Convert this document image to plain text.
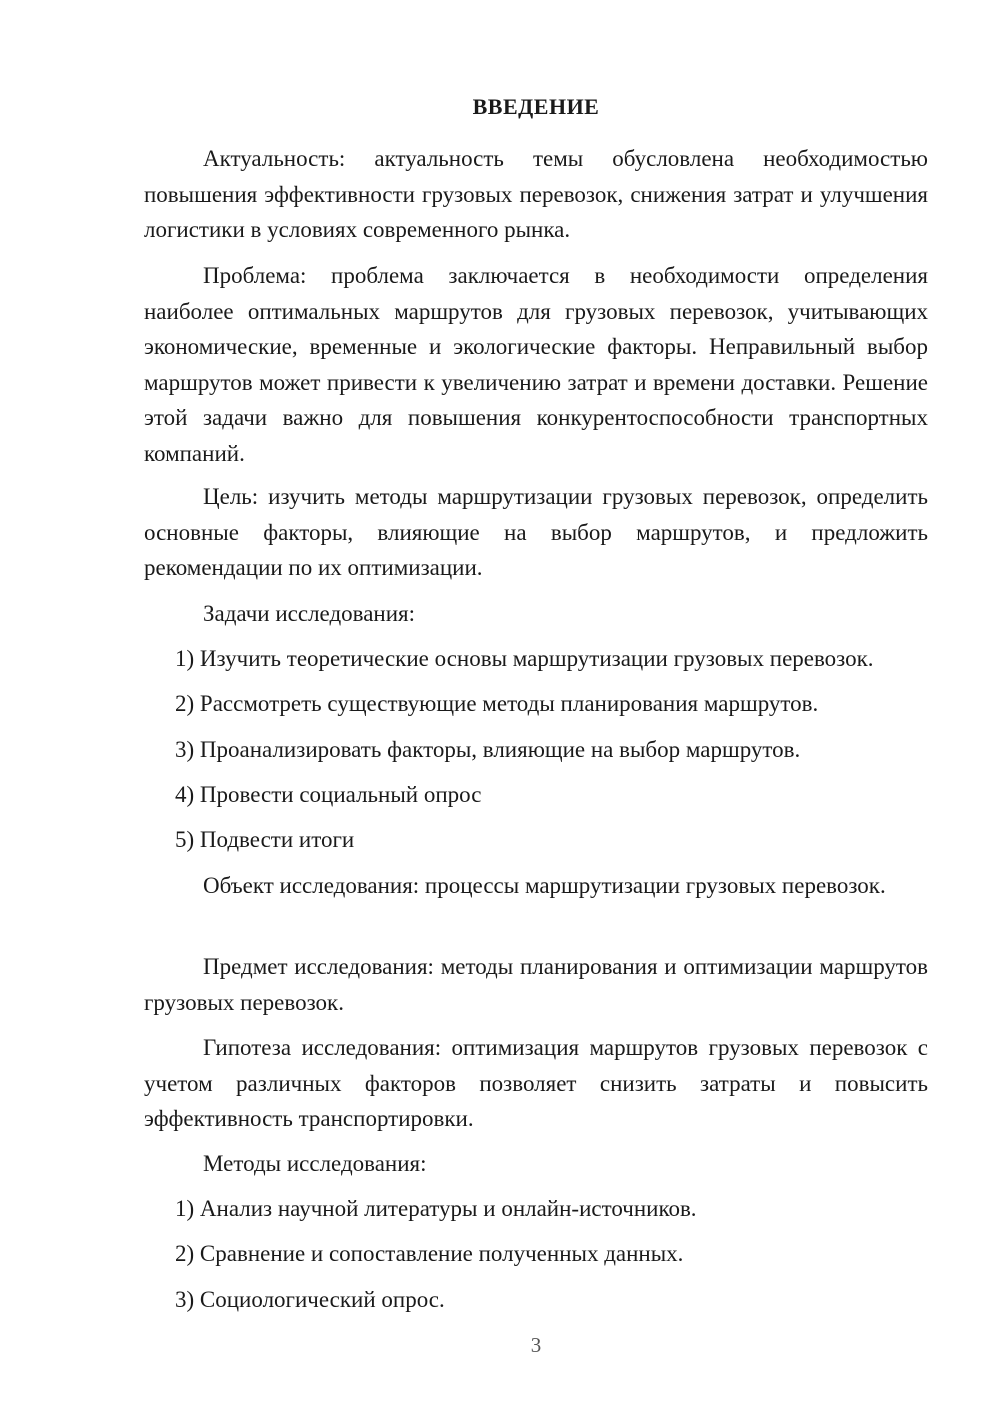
ВВЕДЕНИЕ

Актуальность: актуальность темы обусловлена необходимостью повышения эффективности грузовых перевозок, снижения затрат и улучшения логистики в условиях современного рынка.

Проблема: проблема заключается в необходимости определения наиболее оптимальных маршрутов для грузовых перевозок, учитывающих экономические, временные и экологические факторы. Неправильный выбор маршрутов может привести к увеличению затрат и времени доставки. Решение этой задачи важно для повышения конкурентоспособности транспортных компаний.

Цель: изучить методы маршрутизации грузовых перевозок, определить основные факторы, влияющие на выбор маршрутов, и предложить рекомендации по их оптимизации.

Задачи исследования:

1) Изучить теоретические основы маршрутизации грузовых перевозок.

2) Рассмотреть существующие методы планирования маршрутов.

3) Проанализировать факторы, влияющие на выбор маршрутов.

4) Провести социальный опрос

5) Подвести итоги

Объект исследования: процессы маршрутизации грузовых перевозок.

Предмет исследования: методы планирования и оптимизации маршрутов грузовых перевозок.

Гипотеза исследования: оптимизация маршрутов грузовых перевозок с учетом различных факторов позволяет снизить затраты и повысить эффективность транспортировки.

Методы исследования:

1) Анализ научной литературы и онлайн-источников.

2) Сравнение и сопоставление полученных данных.

3) Социологический опрос.

3
